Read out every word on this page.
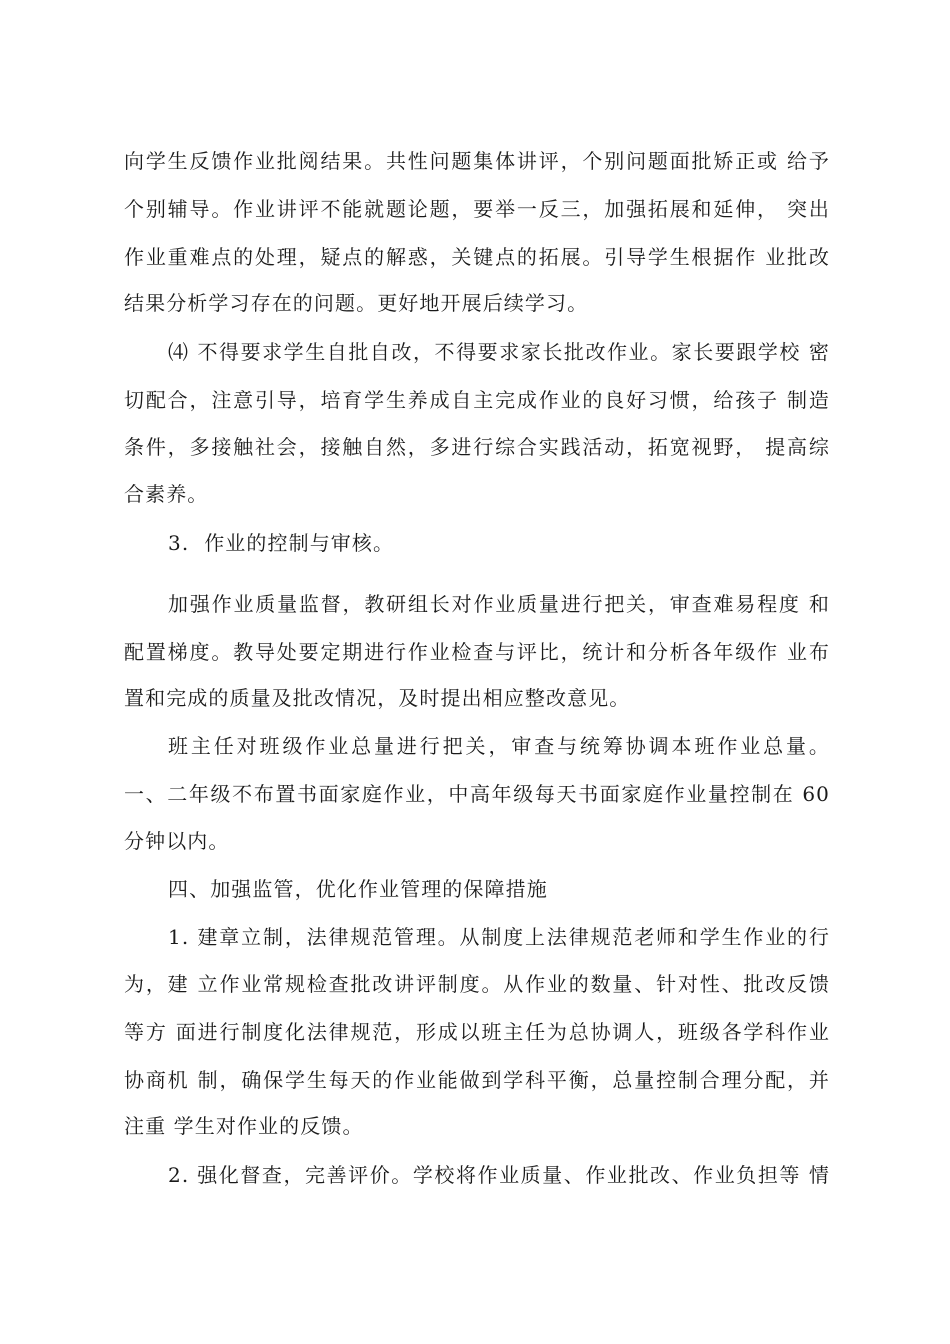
向学生反馈作业批阅结果。共性问题集体讲评，个别问题面批矫正或 给予
个别辅导。作业讲评不能就题论题，要举一反三，加强拓展和延伸， 突出
作业重难点的处理，疑点的解惑，关键点的拓展。引导学生根据作 业批改
结果分析学习存在的问题。更好地开展后续学习。
⑷ 不得要求学生自批自改，不得要求家长批改作业。家长要跟学校 密
切配合，注意引导，培育学生养成自主完成作业的良好习惯，给孩子 制造
条件，多接触社会，接触自然，多进行综合实践活动，拓宽视野， 提高综
合素养。
3.  作业的控制与审核。
加强作业质量监督，教研组长对作业质量进行把关，审查难易程度 和
配置梯度。教导处要定期进行作业检查与评比，统计和分析各年级作 业布
置和完成的质量及批改情况，及时提出相应整改意见。
班主任对班级作业总量进行把关，审查与统筹协调本班作业总量。
一、二年级不布置书面家庭作业，中高年级每天书面家庭作业量控制在 60
分钟以内。
四、加强监管，优化作业管理的保障措施
1. 建章立制，法律规范管理。从制度上法律规范老师和学生作业的行
为，建 立作业常规检查批改讲评制度。从作业的数量、针对性、批改反馈
等方 面进行制度化法律规范，形成以班主任为总协调人，班级各学科作业
协商机 制，确保学生每天的作业能做到学科平衡，总量控制合理分配，并
注重 学生对作业的反馈。
2. 强化督查，完善评价。学校将作业质量、作业批改、作业负担等 情
